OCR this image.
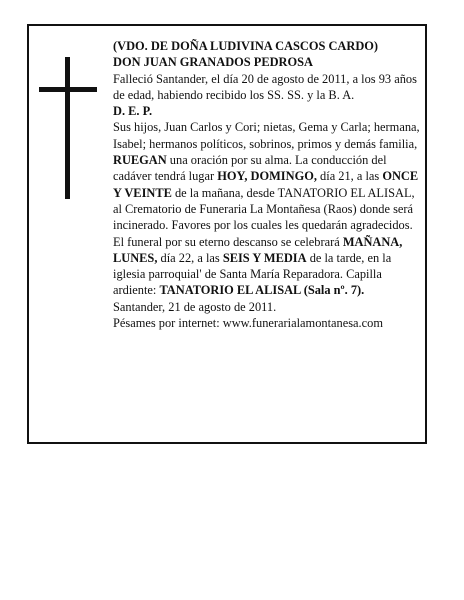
(VDO. DE DOÑA LUDIVINA CASCOS CARDO)

DON JUAN GRANADOS PEDROSA

Falleció Santander, el día 20 de agosto de 2011, a los 93 años de edad, habiendo recibido los SS. SS. y la B. A.

D. E. P.

Sus hijos, Juan Carlos y Cori; nietas, Gema y Carla; hermana, Isabel; hermanos políticos, sobrinos, primos y demás familia,

RUEGAN una oración por su alma. La conducción del cadáver tendrá lugar HOY, DOMINGO, día 21, a las ONCE Y VEINTE de la mañana, desde TANATORIO EL ALISAL, al Crematorio de Funeraria La Montañesa (Raos) donde será incinerado. Favores por los cuales les quedarán agradecidos. El funeral por su eterno descanso se celebrará MAÑANA, LUNES, día 22, a las SEIS Y MEDIA de la tarde, en la iglesia parroquial' de Santa María Reparadora. Capilla ardiente: TANATORIO EL ALISAL (Sala nº. 7).

Santander, 21 de agosto de 2011.

Pésames por internet: www.funerarialamontanesa.com
